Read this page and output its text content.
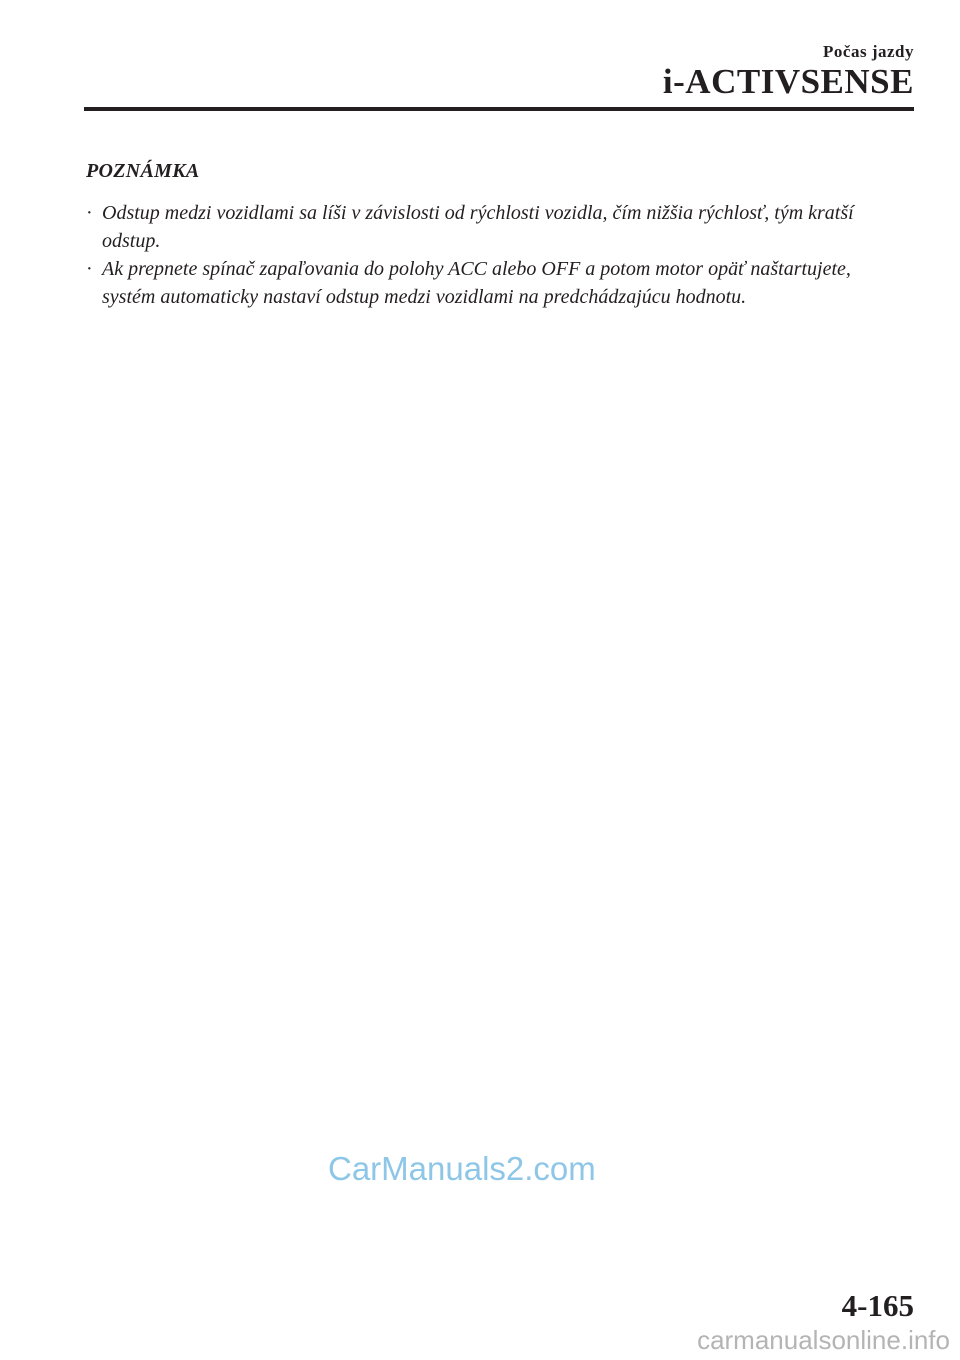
Počas jazdy
i-ACTIVSENSE
POZNÁMKA
· Odstup medzi vozidlami sa líši v závislosti od rýchlosti vozidla, čím nižšia rýchlosť, tým kratší odstup.
· Ak prepnete spínač zapaľovania do polohy ACC alebo OFF a potom motor opäť naštartujete, systém automaticky nastaví odstup medzi vozidlami na predchádzajúcu hodnotu.
CarManuals2.com
4-165
carmanualsonline.info
